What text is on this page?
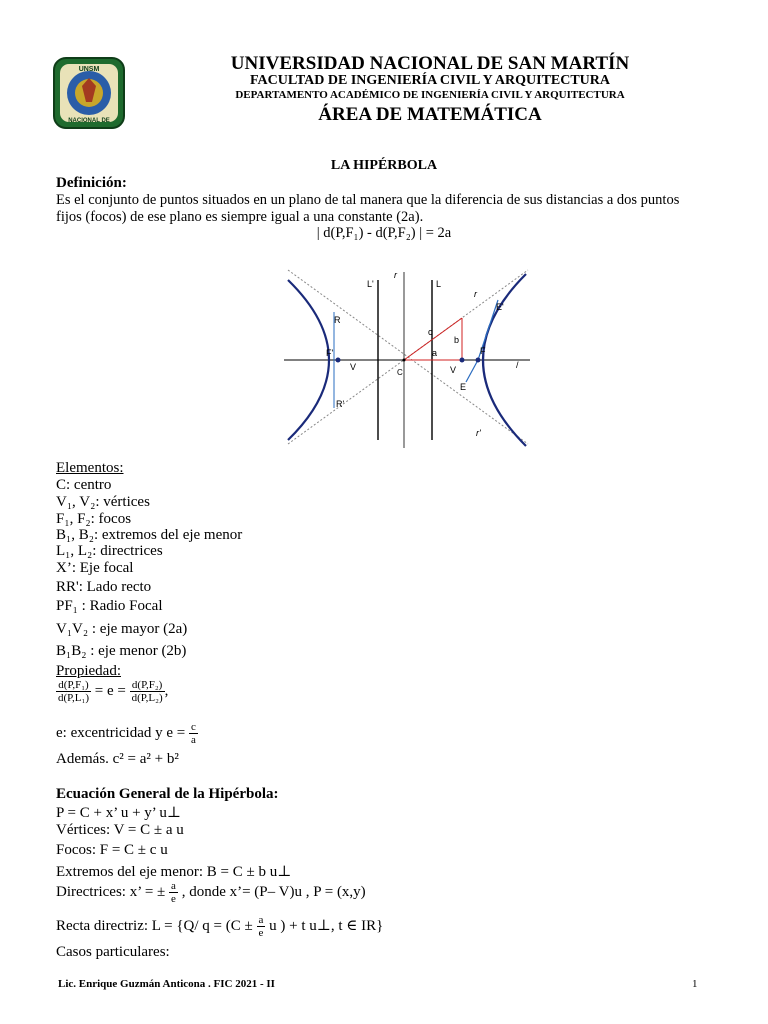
UNSM
NACIONAL DE
UNIVERSIDAD NACIONAL DE SAN MARTÍN
FACULTAD DE INGENIERÍA CIVIL Y ARQUITECTURA
DEPARTAMENTO ACADÉMICO DE INGENIERÍA CIVIL Y ARQUITECTURA
ÁREA DE MATEMÁTICA
LA HIPÉRBOLA
Definición:
Es el conjunto de puntos situados en un plano de tal manera que la diferencia de sus distancias a dos puntos
fijos (focos) de ese plano es siempre igual a una constante (2a).
| d(P,F₁) - d(P,F₂) | = 2a
L'
r
L
R
F'
V
C
R'
c
b
a
V
F
E'
E
r
r'
/
Elementos:
C: centro
V₁, V₂: vértices
F₁, F₂: focos
B₁, B₂: extremos del eje menor
L₁, L₂: directrices
X’: Eje focal
RR': Lado recto
PF₁ : Radio Focal
V₁V₂ : eje mayor (2a)
B₁B₂ : eje menor (2b)
Propiedad:
$\frac{\text{d(P,F₁)}}{\text{d(P,L₁)}} = e = \frac{\text{d(P,F₂)}}{\text{d(P,L₂)}}$ ,
e: excentricidad y $e = \frac{c}{a}$
Además. c² = a² + b²
Ecuación General de la Hipérbola:
P = C + x’ u + y’ u⊥
Vértices: V = C ± a u
Focos: F = C ± c u
Extremos del eje menor: B = C ± b u⊥
Directrices: x’ = ± $\frac{a}{e}$ , donde x’= (P– V)u , P = (x,y)
Recta directriz: L = {Q/ $q = (C \pm \frac{a}{e}$ u ) + t u⊥, t ∈ IR}
Casos particulares:
Lic. Enrique Guzmán Anticona . FIC 2021 - II	1
